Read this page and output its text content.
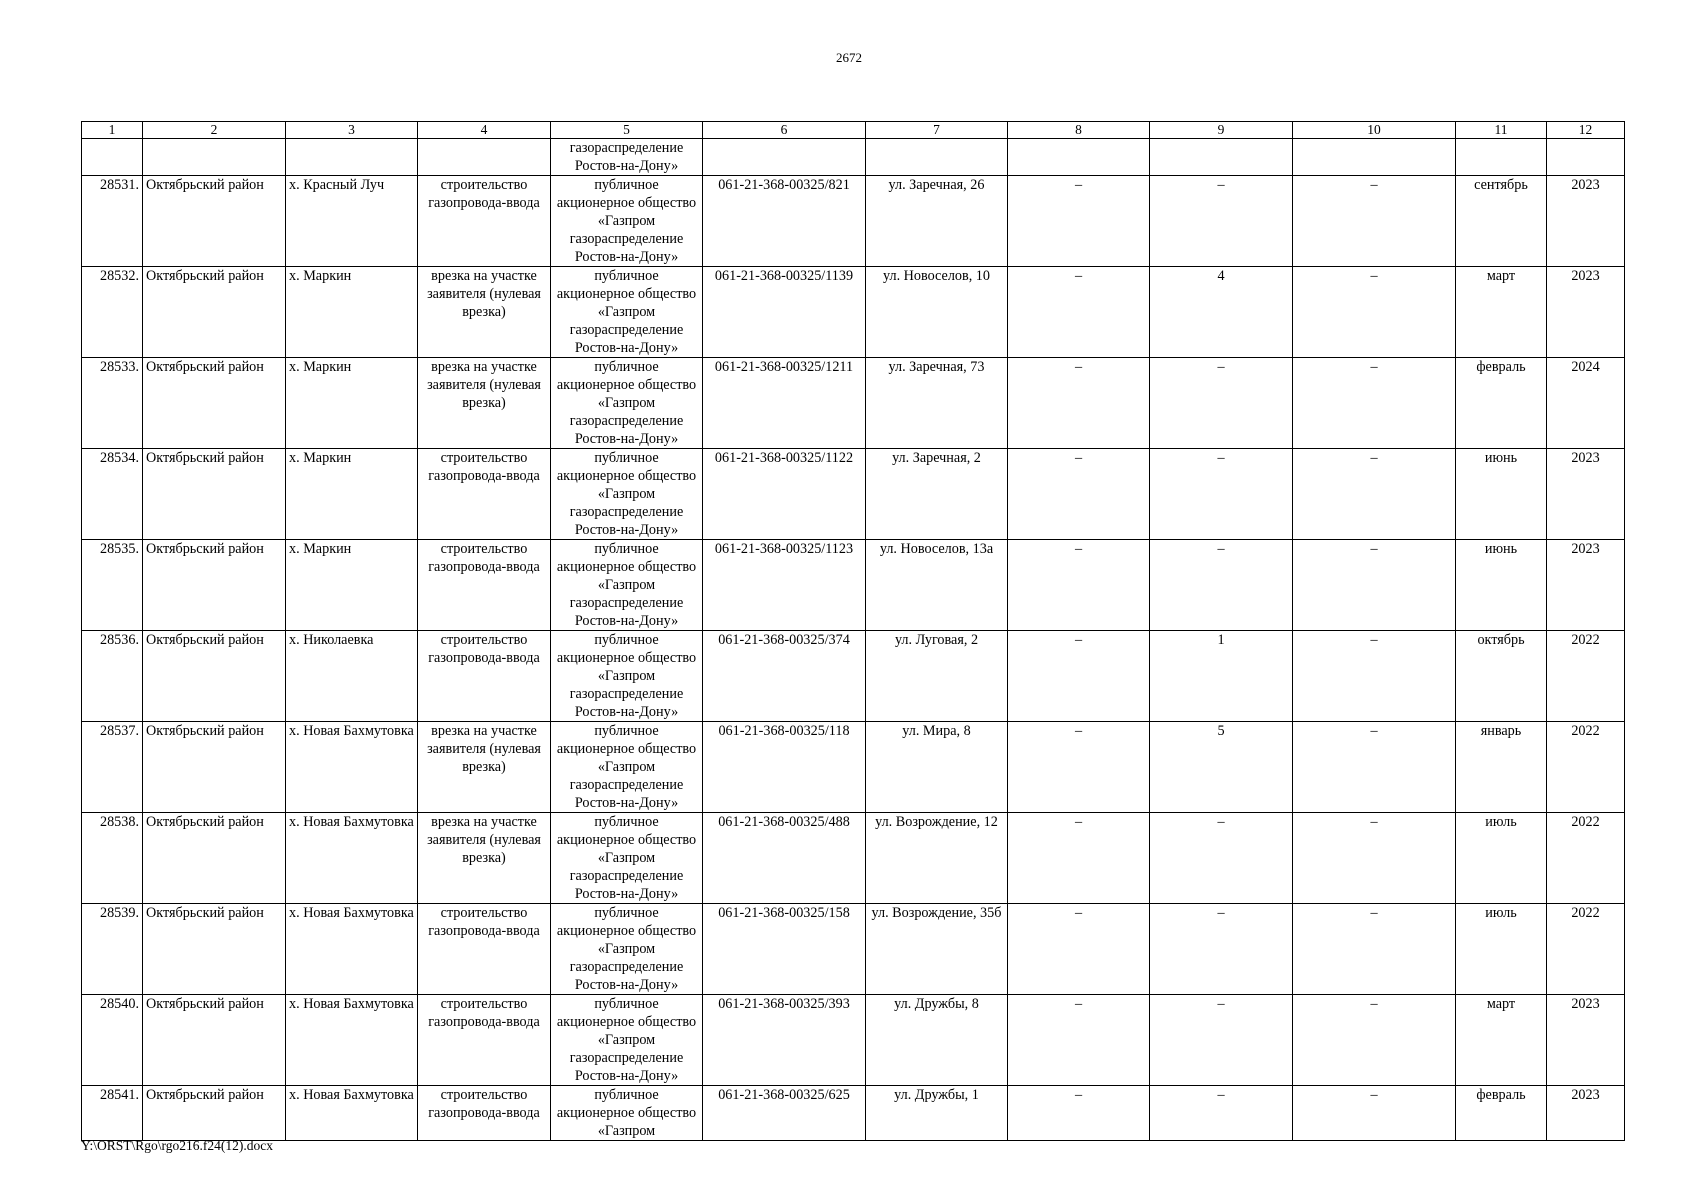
2672
1	2	3	4	5	6	7	8	9	10	11	12
				газораспределение Ростов-на-Дону»							
28531.	Октябрьский район	х. Красный Луч	строительство газопровода-ввода	публичное акционерное общество «Газпром газораспределение Ростов-на-Дону»	061-21-368-00325/821	ул. Заречная, 26	–	–	–	сентябрь	2023
28532.	Октябрьский район	х. Маркин	врезка на участке заявителя (нулевая врезка)	публичное акционерное общество «Газпром газораспределение Ростов-на-Дону»	061-21-368-00325/1139	ул. Новоселов, 10	–	4	–	март	2023
28533.	Октябрьский район	х. Маркин	врезка на участке заявителя (нулевая врезка)	публичное акционерное общество «Газпром газораспределение Ростов-на-Дону»	061-21-368-00325/1211	ул. Заречная, 73	–	–	–	февраль	2024
28534.	Октябрьский район	х. Маркин	строительство газопровода-ввода	публичное акционерное общество «Газпром газораспределение Ростов-на-Дону»	061-21-368-00325/1122	ул. Заречная, 2	–	–	–	июнь	2023
28535.	Октябрьский район	х. Маркин	строительство газопровода-ввода	публичное акционерное общество «Газпром газораспределение Ростов-на-Дону»	061-21-368-00325/1123	ул. Новоселов, 13а	–	–	–	июнь	2023
28536.	Октябрьский район	х. Николаевка	строительство газопровода-ввода	публичное акционерное общество «Газпром газораспределение Ростов-на-Дону»	061-21-368-00325/374	ул. Луговая, 2	–	1	–	октябрь	2022
28537.	Октябрьский район	х. Новая Бахмутовка	врезка на участке заявителя (нулевая врезка)	публичное акционерное общество «Газпром газораспределение Ростов-на-Дону»	061-21-368-00325/118	ул. Мира, 8	–	5	–	январь	2022
28538.	Октябрьский район	х. Новая Бахмутовка	врезка на участке заявителя (нулевая врезка)	публичное акционерное общество «Газпром газораспределение Ростов-на-Дону»	061-21-368-00325/488	ул. Возрождение, 12	–	–	–	июль	2022
28539.	Октябрьский район	х. Новая Бахмутовка	строительство газопровода-ввода	публичное акционерное общество «Газпром газораспределение Ростов-на-Дону»	061-21-368-00325/158	ул. Возрождение, 35б	–	–	–	июль	2022
28540.	Октябрьский район	х. Новая Бахмутовка	строительство газопровода-ввода	публичное акционерное общество «Газпром газораспределение Ростов-на-Дону»	061-21-368-00325/393	ул. Дружбы, 8	–	–	–	март	2023
28541.	Октябрьский район	х. Новая Бахмутовка	строительство газопровода-ввода	публичное акционерное общество «Газпром	061-21-368-00325/625	ул. Дружбы, 1	–	–	–	февраль	2023
Y:\ORST\Rgo\rgo216.f24(12).docx
